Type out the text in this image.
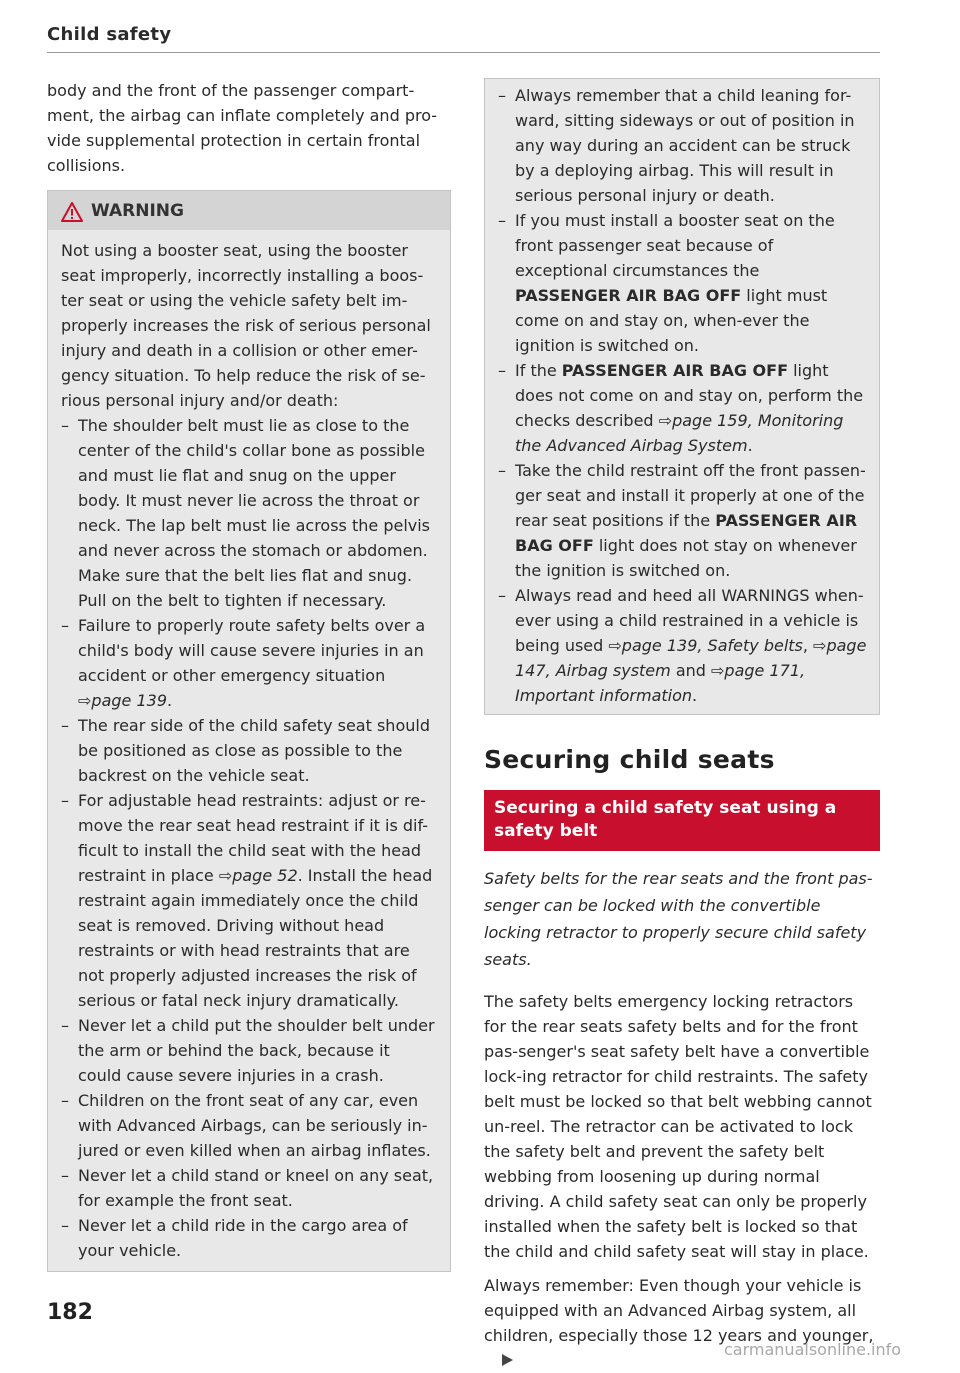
Child safety

body and the front of the passenger compart-ment, the airbag can inflate completely and pro-vide supplemental protection in certain frontal collisions.

WARNING

Not using a booster seat, using the booster seat improperly, incorrectly installing a boos-ter seat or using the vehicle safety belt im-properly increases the risk of serious personal injury and death in a collision or other emer-gency situation. To help reduce the risk of se-rious personal injury and/or death:

– The shoulder belt must lie as close to the center of the child's collar bone as possible and must lie flat and snug on the upper body. It must never lie across the throat or neck. The lap belt must lie across the pelvis and never across the stomach or abdomen. Make sure that the belt lies flat and snug. Pull on the belt to tighten if necessary.
– Failure to properly route safety belts over a child's body will cause severe injuries in an accident or other emergency situation ⇨page 139.
– The rear side of the child safety seat should be positioned as close as possible to the backrest on the vehicle seat.
– For adjustable head restraints: adjust or re-move the rear seat head restraint if it is dif-ficult to install the child seat with the head restraint in place ⇨page 52. Install the head restraint again immediately once the child seat is removed. Driving without head restraints or with head restraints that are not properly adjusted increases the risk of serious or fatal neck injury dramatically.
– Never let a child put the shoulder belt under the arm or behind the back, because it could cause severe injuries in a crash.
– Children on the front seat of any car, even with Advanced Airbags, can be seriously in-jured or even killed when an airbag inflates.
– Never let a child stand or kneel on any seat, for example the front seat.
– Never let a child ride in the cargo area of your vehicle.
– Always remember that a child leaning for-ward, sitting sideways or out of position in any way during an accident can be struck by a deploying airbag. This will result in serious personal injury or death.
– If you must install a booster seat on the front passenger seat because of exceptional circumstances the PASSENGER AIR BAG OFF light must come on and stay on, when-ever the ignition is switched on.
– If the PASSENGER AIR BAG OFF light does not come on and stay on, perform the checks described ⇨page 159, Monitoring the Advanced Airbag System.
– Take the child restraint off the front passen-ger seat and install it properly at one of the rear seat positions if the PASSENGER AIR BAG OFF light does not stay on whenever the ignition is switched on.
– Always read and heed all WARNINGS when-ever using a child restrained in a vehicle is being used ⇨page 139, Safety belts, ⇨page 147, Airbag system and ⇨page 171, Important information.
Securing child seats
Securing a child safety seat using a safety belt

Safety belts for the rear seats and the front pas-senger can be locked with the convertible locking retractor to properly secure child safety seats.

The safety belts emergency locking retractors for the rear seats safety belts and for the front pas-senger's seat safety belt have a convertible lock-ing retractor for child restraints. The safety belt must be locked so that belt webbing cannot un-reel. The retractor can be activated to lock the safety belt and prevent the safety belt webbing from loosening up during normal driving. A child safety seat can only be properly installed when the safety belt is locked so that the child and child safety seat will stay in place.

Always remember: Even though your vehicle is equipped with an Advanced Airbag system, all children, especially those 12 years and younger,

182
carmanualsonline.info
